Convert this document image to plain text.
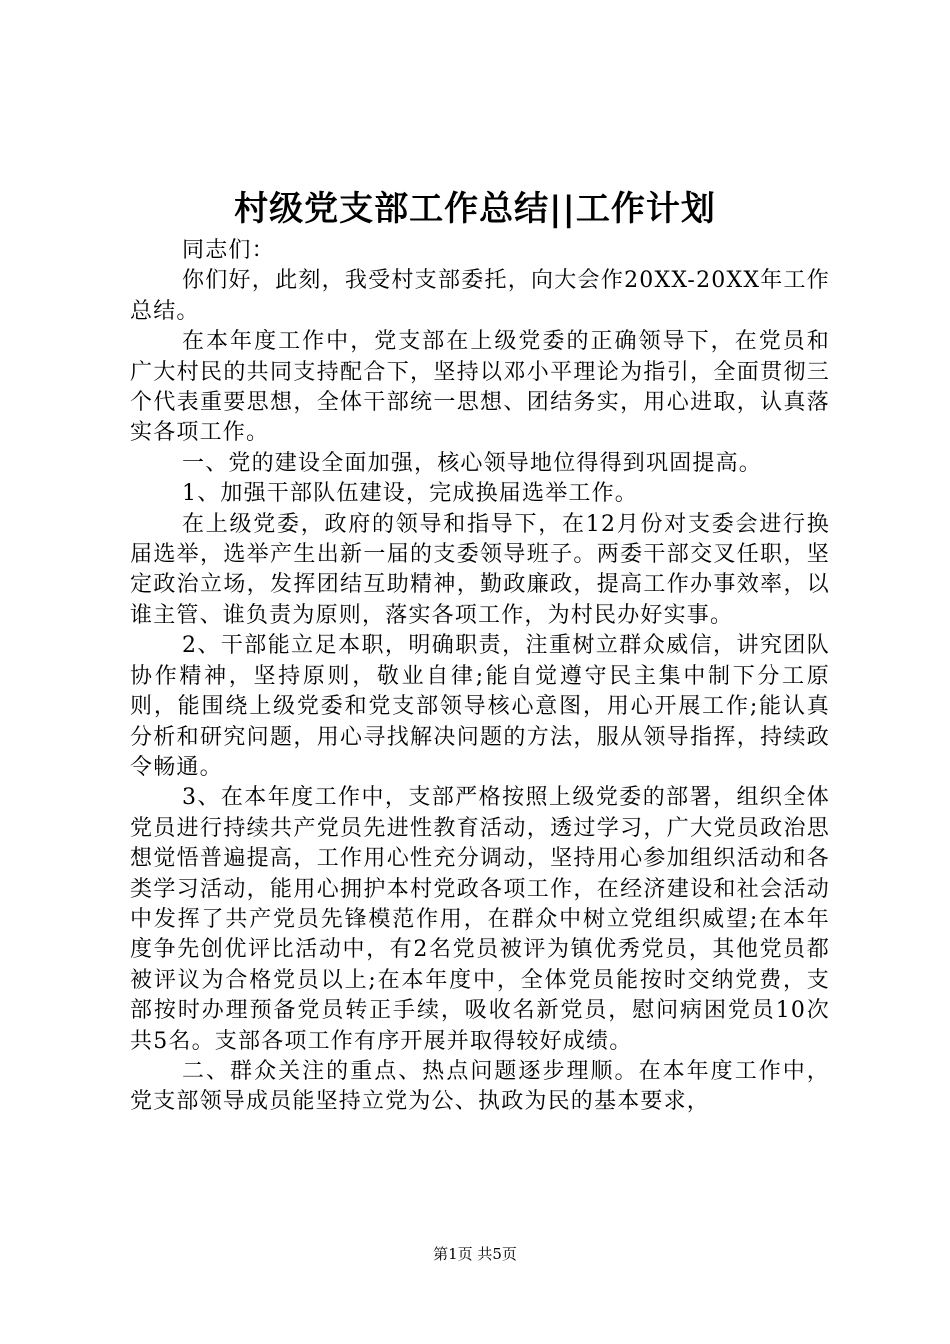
村级党支部工作总结||工作计划

同志们：

你们好，此刻，我受村支部委托，向大会作20XX-20XX年工作总结。

在本年度工作中，党支部在上级党委的正确领导下，在党员和广大村民的共同支持配合下，坚持以邓小平理论为指引，全面贯彻三个代表重要思想，全体干部统一思想、团结务实，用心进取，认真落实各项工作。

一、党的建设全面加强，核心领导地位得得到巩固提高。

1、加强干部队伍建设，完成换届选举工作。

在上级党委，政府的领导和指导下，在12月份对支委会进行换届选举，选举产生出新一届的支委领导班子。两委干部交叉任职，坚定政治立场，发挥团结互助精神，勤政廉政，提高工作办事效率，以谁主管、谁负责为原则，落实各项工作，为村民办好实事。

2、干部能立足本职，明确职责，注重树立群众威信，讲究团队协作精神，坚持原则，敬业自律;能自觉遵守民主集中制下分工原则，能围绕上级党委和党支部领导核心意图，用心开展工作;能认真分析和研究问题，用心寻找解决问题的方法，服从领导指挥，持续政令畅通。

3、在本年度工作中，支部严格按照上级党委的部署，组织全体党员进行持续共产党员先进性教育活动，透过学习，广大党员政治思想觉悟普遍提高，工作用心性充分调动，坚持用心参加组织活动和各类学习活动，能用心拥护本村党政各项工作，在经济建设和社会活动中发挥了共产党员先锋模范作用，在群众中树立党组织威望;在本年度争先创优评比活动中，有2名党员被评为镇优秀党员，其他党员都被评议为合格党员以上;在本年度中，全体党员能按时交纳党费，支部按时办理预备党员转正手续，吸收名新党员，慰问病困党员10次共5名。支部各项工作有序开展并取得较好成绩。

二、群众关注的重点、热点问题逐步理顺。在本年度工作中，党支部领导成员能坚持立党为公、执政为民的基本要求，

第1页 共5页
